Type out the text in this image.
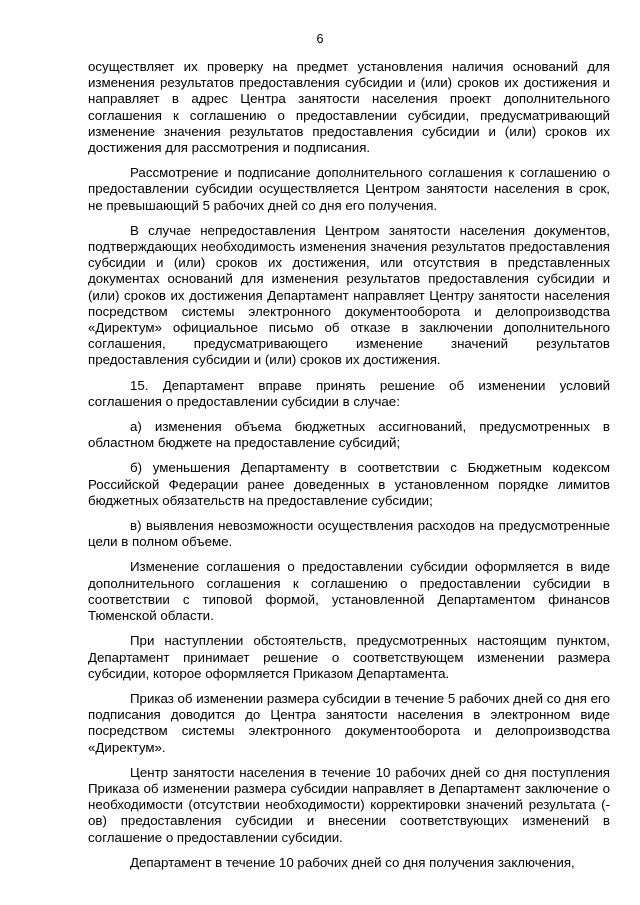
6

осуществляет их проверку на предмет установления наличия оснований для изменения результатов предоставления субсидии и (или) сроков их достижения и направляет в адрес Центра занятости населения проект дополнительного соглашения к соглашению о предоставлении субсидии, предусматривающий изменение значения результатов предоставления субсидии и (или) сроков их достижения для рассмотрения и подписания.

Рассмотрение и подписание дополнительного соглашения к соглашению о предоставлении субсидии осуществляется Центром занятости населения в срок, не превышающий 5 рабочих дней со дня его получения.

В случае непредоставления Центром занятости населения документов, подтверждающих необходимость изменения значения результатов предоставления субсидии и (или) сроков их достижения, или отсутствия в представленных документах оснований для изменения результатов предоставления субсидии и (или) сроков их достижения Департамент направляет Центру занятости населения посредством системы электронного документооборота и делопроизводства «Директум» официальное письмо об отказе в заключении дополнительного соглашения, предусматривающего изменение значений результатов предоставления субсидии и (или) сроков их достижения.

15. Департамент вправе принять решение об изменении условий соглашения о предоставлении субсидии в случае:

а) изменения объема бюджетных ассигнований, предусмотренных в областном бюджете на предоставление субсидий;

б) уменьшения Департаменту в соответствии с Бюджетным кодексом Российской Федерации ранее доведенных в установленном порядке лимитов бюджетных обязательств на предоставление субсидии;

в) выявления невозможности осуществления расходов на предусмотренные цели в полном объеме.

Изменение соглашения о предоставлении субсидии оформляется в виде дополнительного соглашения к соглашению о предоставлении субсидии в соответствии с типовой формой, установленной Департаментом финансов Тюменской области.

При наступлении обстоятельств, предусмотренных настоящим пунктом, Департамент принимает решение о соответствующем изменении размера субсидии, которое оформляется Приказом Департамента.

Приказ об изменении размера субсидии в течение 5 рабочих дней со дня его подписания доводится до Центра занятости населения в электронном виде посредством системы электронного документооборота и делопроизводства «Директум».

Центр занятости населения в течение 10 рабочих дней со дня поступления Приказа об изменении размера субсидии направляет в Департамент заключение о необходимости (отсутствии необходимости) корректировки значений результата (-ов) предоставления субсидии и внесении соответствующих изменений в соглашение о предоставлении субсидии.

Департамент в течение 10 рабочих дней со дня получения заключения,
